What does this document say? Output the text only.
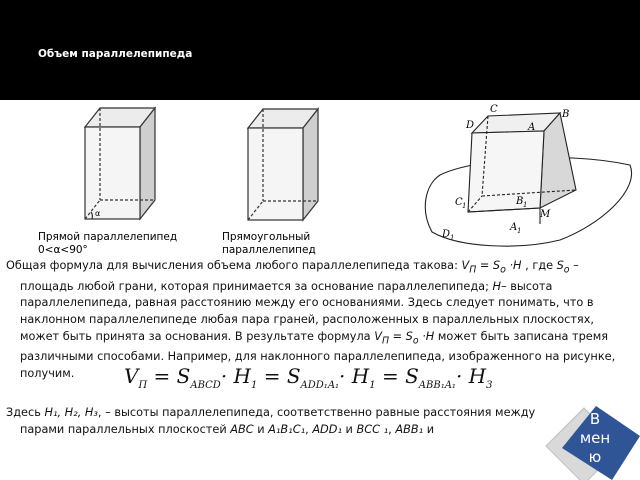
Объем параллелепипеда
α
C	B
D	A
C 1	B 1
M
D 1
A 1
Прямой параллелепипед
0<α<90°
Прямоугольный
параллелепипед
Общая формула для вычисления объема любого параллелепипеда такова: $V_П = S_o \cdot H$ , где $S_o$ – площадь любой грани, которая принимается за основание параллелепипеда; H– высота параллелепипеда, равная расстоянию между его основаниями. Здесь следует понимать, что в наклонном параллелепипеде любая пара граней, расположенных в параллельных плоскостях, может быть принята за основания. В результате формула $V_П = S_o \cdot H$ может быть записана тремя различными способами. Например, для наклонного параллелепипеда, изображенного на рисунке, получим.	$V_П = S_{ABCD}\cdot H_1 = S_{ADD_1A_1}\cdot H_1 = S_{ABB_1A_1}\cdot H_3$
Здесь H₁, H₂, H₃, – высоты параллелепипеда, соответственно равные расстояния между парами параллельных плоскостей ABC и A₁B₁C₁, ADD₁ и BCC ₁, ABB₁ и
В
мен
ю
